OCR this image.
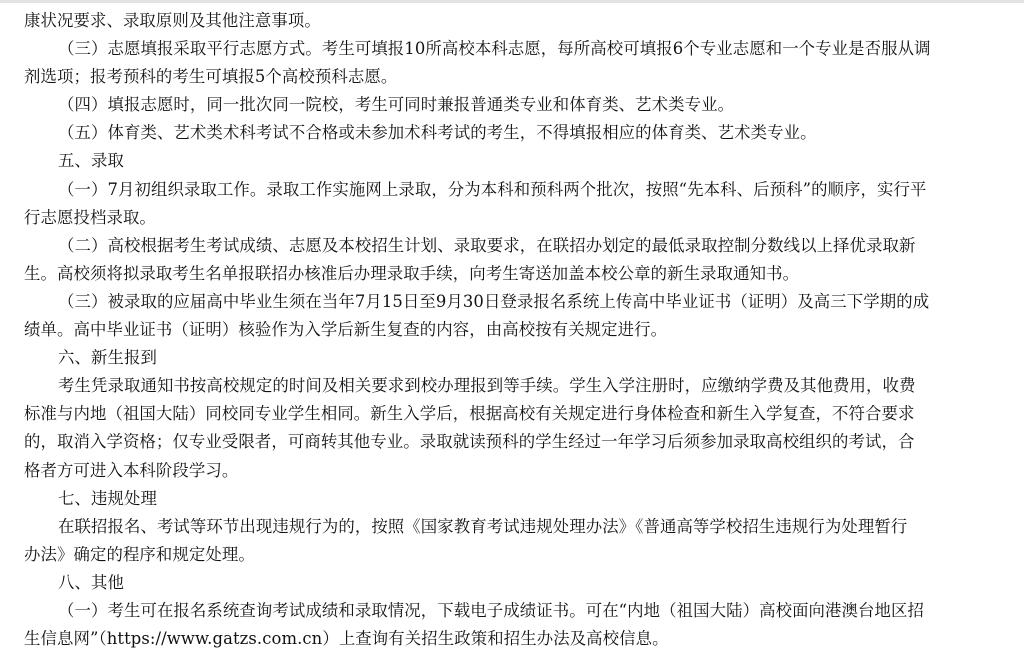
康状况要求、录取原则及其他注意事项。
（三）志愿填报采取平行志愿方式。考生可填报10所高校本科志愿，每所高校可填报6个专业志愿和一个专业是否服从调
剂选项；报考预科的考生可填报5个高校预科志愿。
（四）填报志愿时，同一批次同一院校，考生可同时兼报普通类专业和体育类、艺术类专业。
（五）体育类、艺术类术科考试不合格或未参加术科考试的考生，不得填报相应的体育类、艺术类专业。
五、录取
（一）7月初组织录取工作。录取工作实施网上录取，分为本科和预科两个批次，按照“先本科、后预科”的顺序，实行平
行志愿投档录取。
（二）高校根据考生考试成绩、志愿及本校招生计划、录取要求，在联招办划定的最低录取控制分数线以上择优录取新
生。高校须将拟录取考生名单报联招办核准后办理录取手续，向考生寄送加盖本校公章的新生录取通知书。
（三）被录取的应届高中毕业生须在当年7月15日至9月30日登录报名系统上传高中毕业证书（证明）及高三下学期的成
绩单。高中毕业证书（证明）核验作为入学后新生复查的内容，由高校按有关规定进行。
六、新生报到
考生凭录取通知书按高校规定的时间及相关要求到校办理报到等手续。学生入学注册时，应缴纳学费及其他费用，收费
标准与内地（祖国大陆）同校同专业学生相同。新生入学后，根据高校有关规定进行身体检查和新生入学复查，不符合要求
的，取消入学资格；仅专业受限者，可商转其他专业。录取就读预科的学生经过一年学习后须参加录取高校组织的考试，合
格者方可进入本科阶段学习。
七、违规处理
在联招报名、考试等环节出现违规行为的，按照《国家教育考试违规处理办法》《普通高等学校招生违规行为处理暂行
办法》确定的程序和规定处理。
八、其他
（一）考生可在报名系统查询考试成绩和录取情况，下载电子成绩证书。可在“内地（祖国大陆）高校面向港澳台地区招
生信息网”（https://www.gatzs.com.cn）上查询有关招生政策和招生办法及高校信息。
